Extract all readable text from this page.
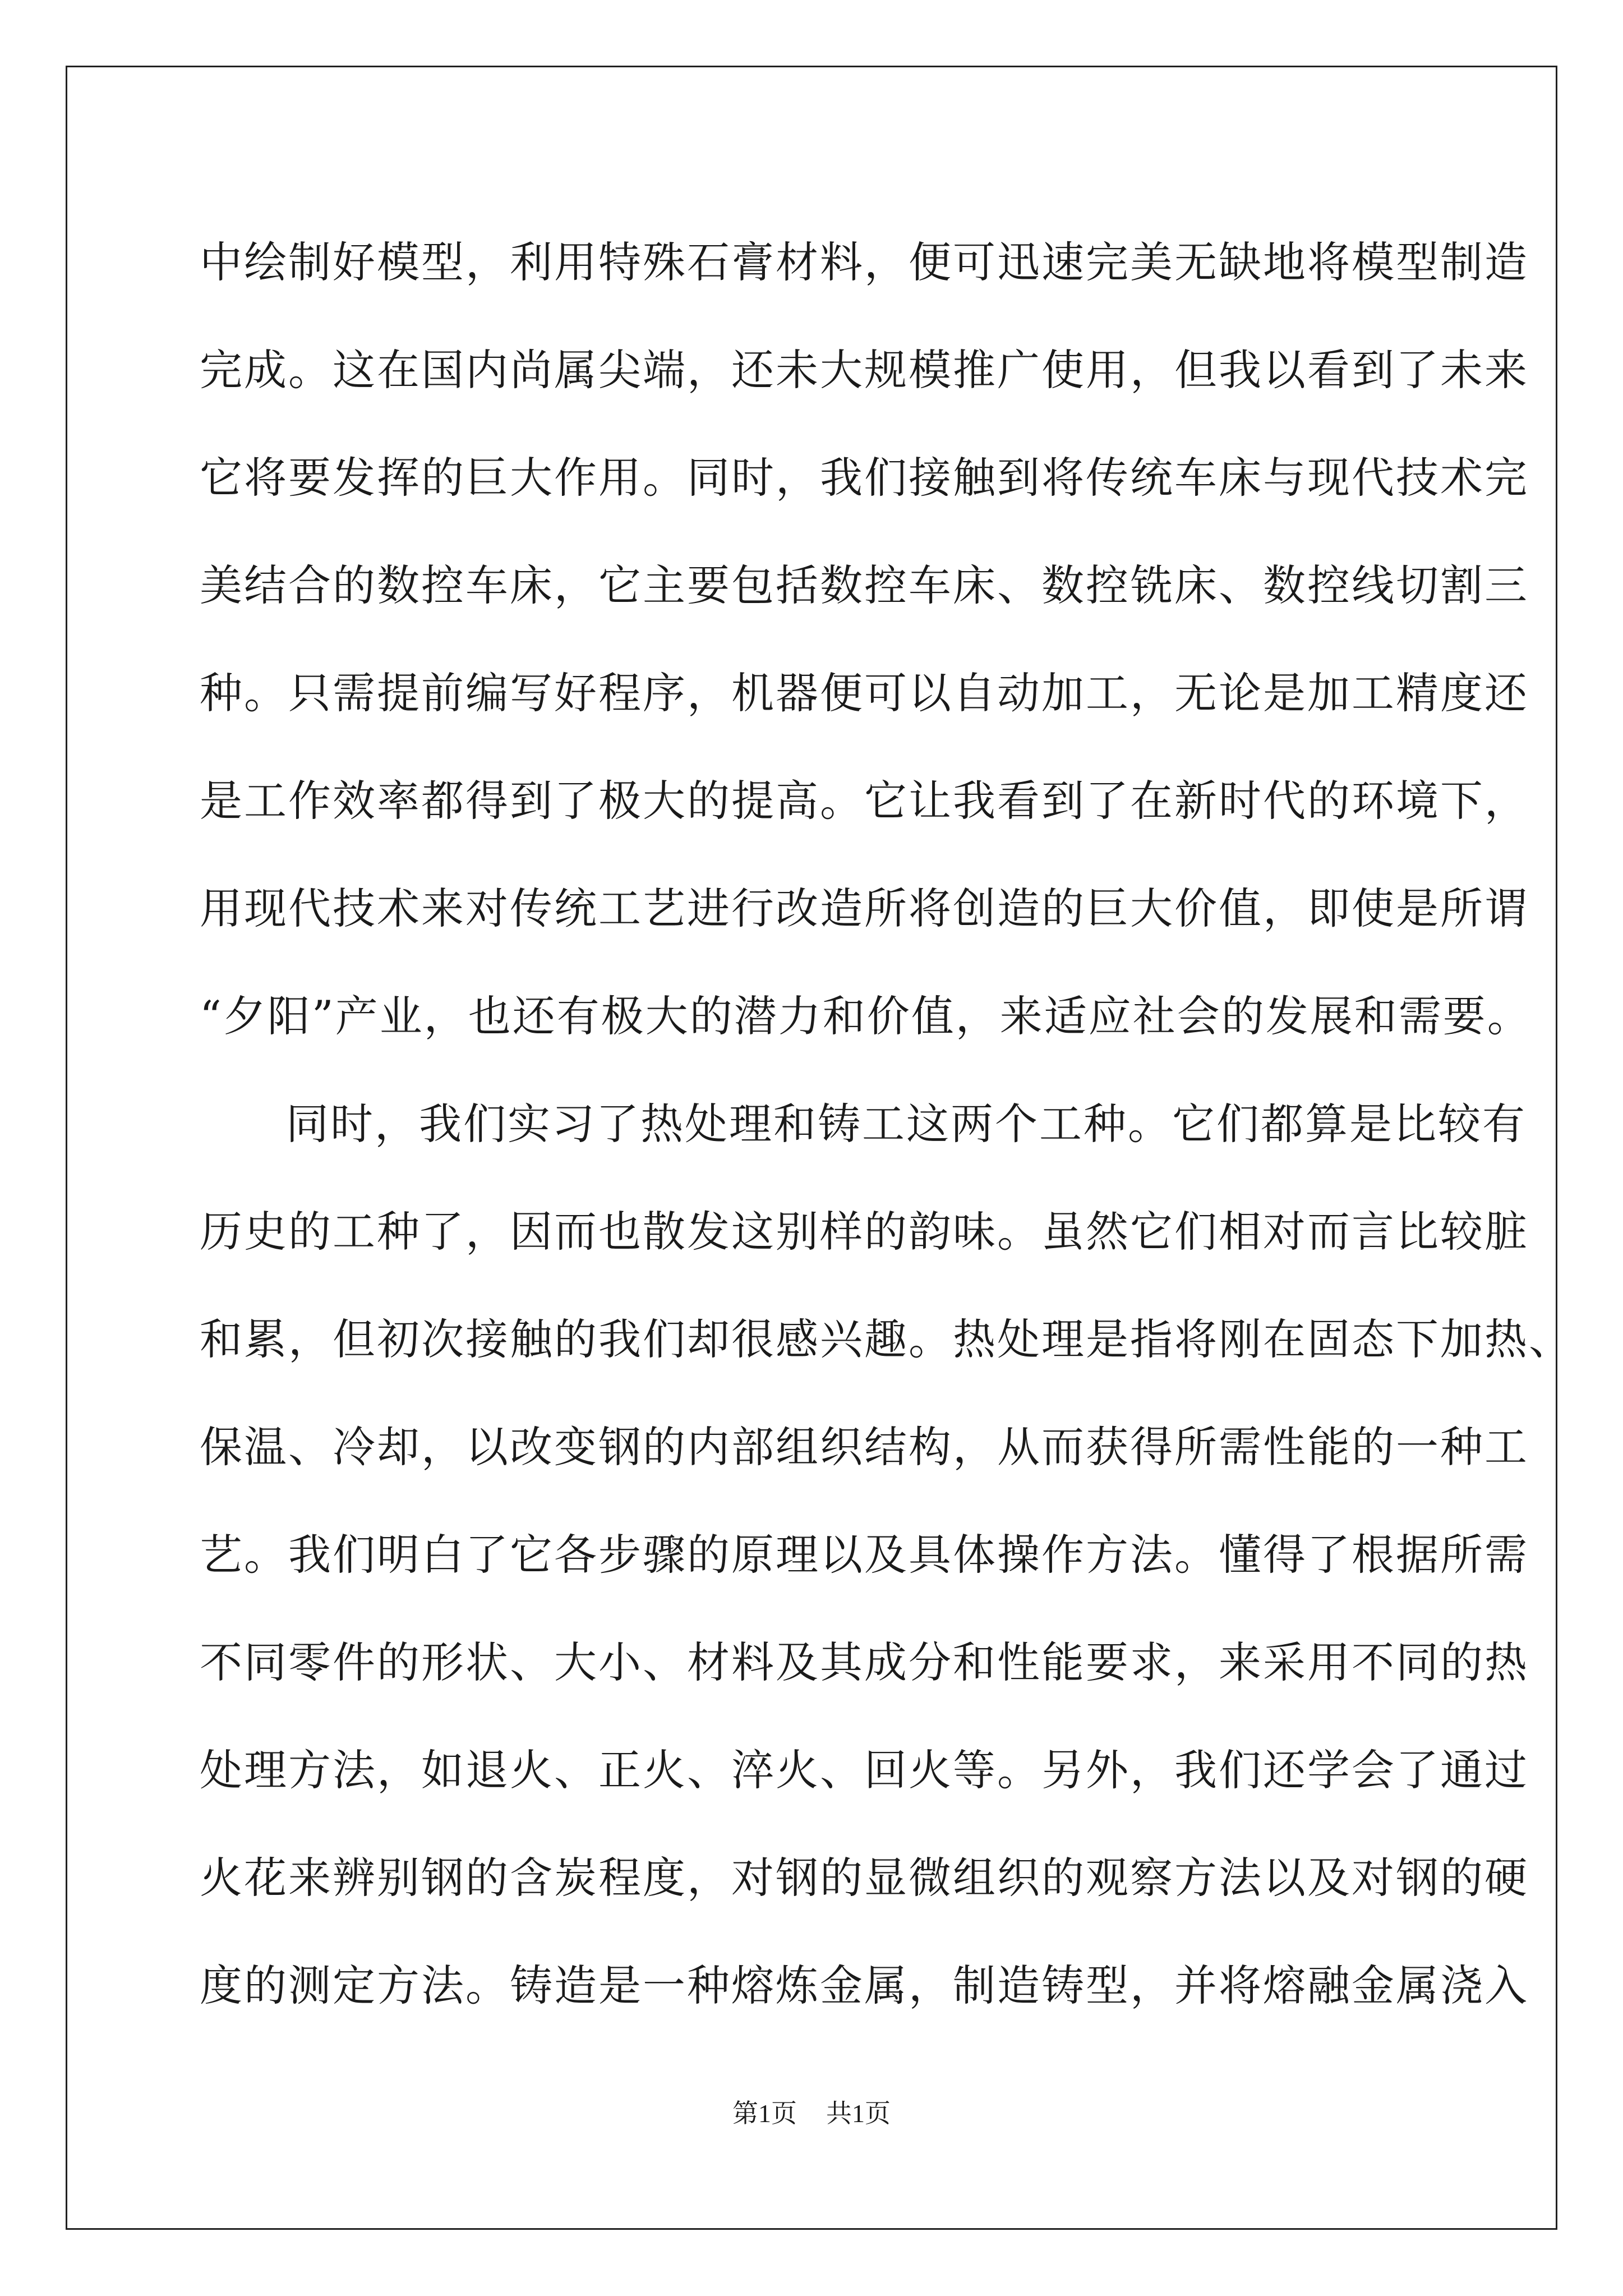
中绘制好模型，利用特殊石膏材料，便可迅速完美无缺地将模型制造
完成。这在国内尚属尖端，还未大规模推广使用，但我以看到了未来
它将要发挥的巨大作用。同时，我们接触到将传统车床与现代技术完
美结合的数控车床，它主要包括数控车床、数控铣床、数控线切割三
种。只需提前编写好程序，机器便可以自动加工，无论是加工精度还
是工作效率都得到了极大的提高。它让我看到了在新时代的环境下，
用现代技术来对传统工艺进行改造所将创造的巨大价值，即使是所谓
“夕阳”产业，也还有极大的潜力和价值，来适应社会的发展和需要。
同时，我们实习了热处理和铸工这两个工种。它们都算是比较有
历史的工种了，因而也散发这别样的韵味。虽然它们相对而言比较脏
和累，但初次接触的我们却很感兴趣。热处理是指将刚在固态下加热、
保温、冷却，以改变钢的内部组织结构，从而获得所需性能的一种工
艺。我们明白了它各步骤的原理以及具体操作方法。懂得了根据所需
不同零件的形状、大小、材料及其成分和性能要求，来采用不同的热
处理方法，如退火、正火、淬火、回火等。另外，我们还学会了通过
火花来辨别钢的含炭程度，对钢的显微组织的观察方法以及对钢的硬
度的测定方法。铸造是一种熔炼金属，制造铸型，并将熔融金属浇入
第1页 共1页
